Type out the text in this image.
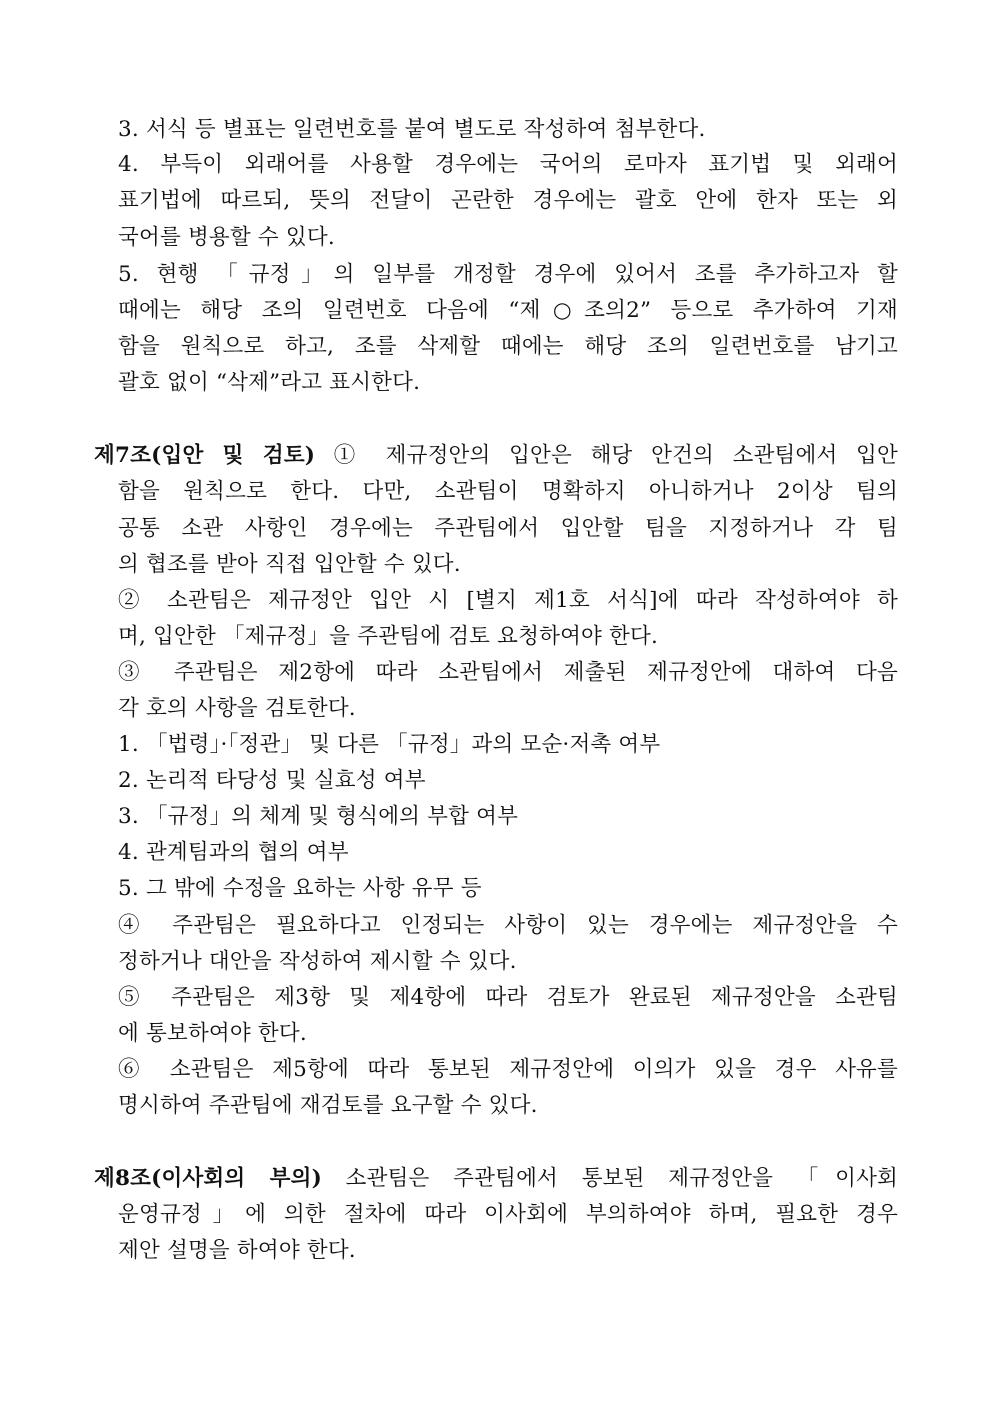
3. 서식 등 별표는 일련번호를 붙여 별도로 작성하여 첨부한다.
4. 부득이 외래어를 사용할 경우에는 국어의 로마자 표기법 및 외래어
표기법에 따르되, 뜻의 전달이 곤란한 경우에는 괄호 안에 한자 또는 외
국어를 병용할 수 있다.
5. 현행 「규정」의 일부를 개정할 경우에 있어서 조를 추가하고자 할
때에는 해당 조의 일련번호 다음에 “제○조의2” 등으로 추가하여 기재
함을 원칙으로 하고, 조를 삭제할 때에는 해당 조의 일련번호를 남기고
괄호 없이 “삭제”라고 표시한다.
제7조(입안 및 검토) ① 제규정안의 입안은 해당 안건의 소관팀에서 입안
함을 원칙으로 한다. 다만, 소관팀이 명확하지 아니하거나 2이상 팀의
공통 소관 사항인 경우에는 주관팀에서 입안할 팀을 지정하거나 각 팀
의 협조를 받아 직접 입안할 수 있다.
② 소관팀은 제규정안 입안 시 [별지 제1호 서식]에 따라 작성하여야 하
며, 입안한 「제규정」을 주관팀에 검토 요청하여야 한다.
③ 주관팀은 제2항에 따라 소관팀에서 제출된 제규정안에 대하여 다음
각 호의 사항을 검토한다.
1. 「법령」·「정관」 및 다른 「규정」과의 모순·저촉 여부
2. 논리적 타당성 및 실효성 여부
3. 「규정」의 체계 및 형식에의 부합 여부
4. 관계팀과의 협의 여부
5. 그 밖에 수정을 요하는 사항 유무 등
④ 주관팀은 필요하다고 인정되는 사항이 있는 경우에는 제규정안을 수
정하거나 대안을 작성하여 제시할 수 있다.
⑤ 주관팀은 제3항 및 제4항에 따라 검토가 완료된 제규정안을 소관팀
에 통보하여야 한다.
⑥ 소관팀은 제5항에 따라 통보된 제규정안에 이의가 있을 경우 사유를
명시하여 주관팀에 재검토를 요구할 수 있다.
제8조(이사회의 부의) 소관팀은 주관팀에서 통보된 제규정안을 「이사회
운영규정」에 의한 절차에 따라 이사회에 부의하여야 하며, 필요한 경우
제안 설명을 하여야 한다.
